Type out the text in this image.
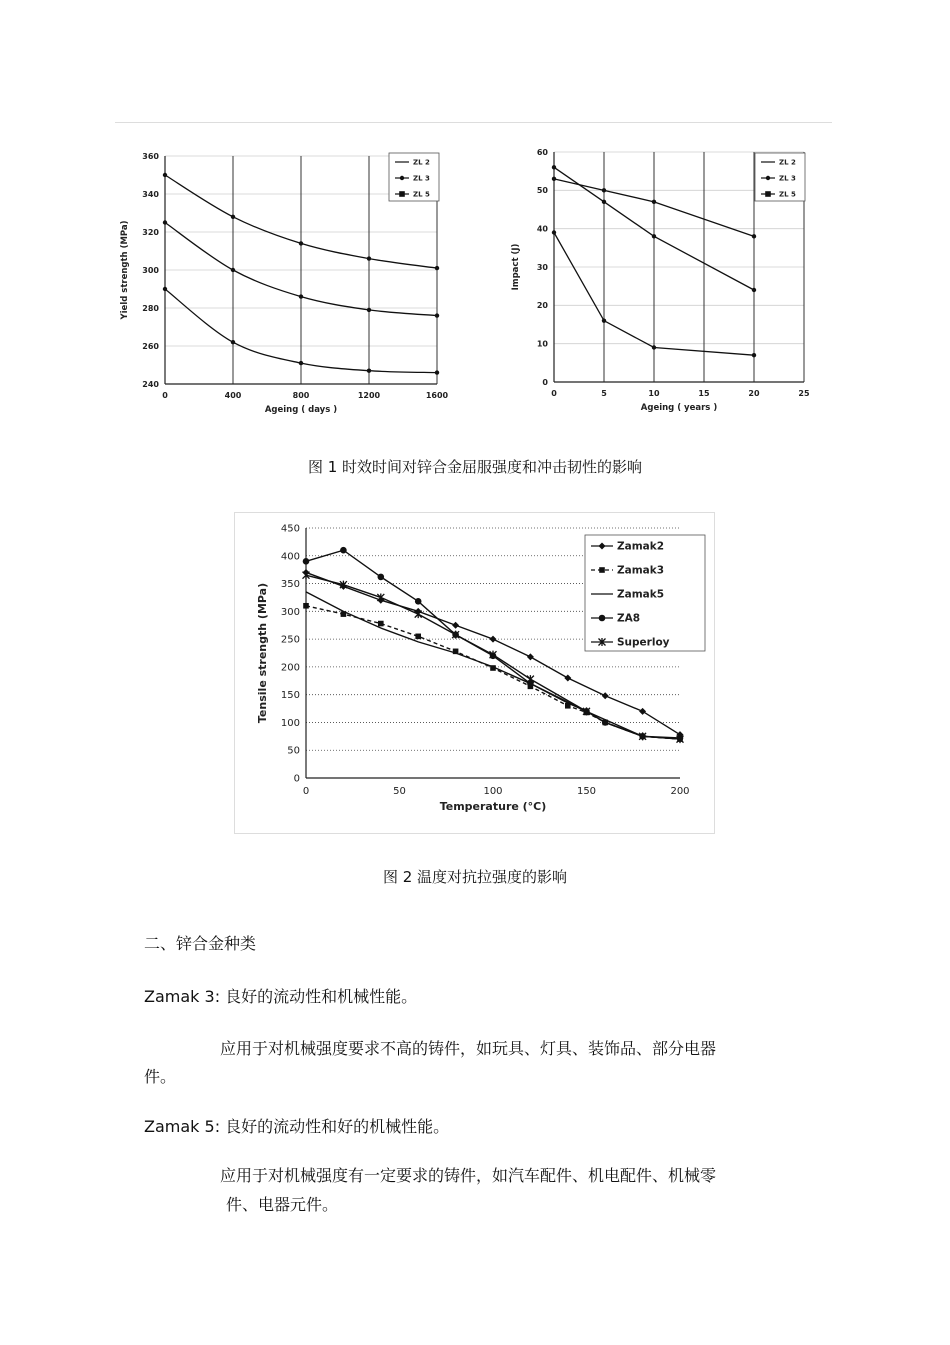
240
260
280
300
320
340
360
0	400	800	1200	1600
Ageing ( days )
Yield strength (MPa)
ZL 2
ZL 3
ZL 5
0
10
20
30
40
50
60
0	5	10	15	20	25
Ageing ( years )
Impact (J)
ZL 2
ZL 3
ZL 5
图 1 时效时间对锌合金屈服强度和冲击韧性的影响
0
50
100
150
200
250
300
350
400
450
0	50	100	150	200
Temperature (°C)
Tensile strength (MPa)
Zamak2
Zamak3
Zamak5
ZA8
Superloy
图 2 温度对抗拉强度的影响
二、锌合金种类
Zamak 3: 良好的流动性和机械性能。
应用于对机械强度要求不高的铸件，如玩具、灯具、装饰品、部分电器
件。
Zamak 5: 良好的流动性和好的机械性能。
应用于对机械强度有一定要求的铸件，如汽车配件、机电配件、机械零
件、电器元件。
